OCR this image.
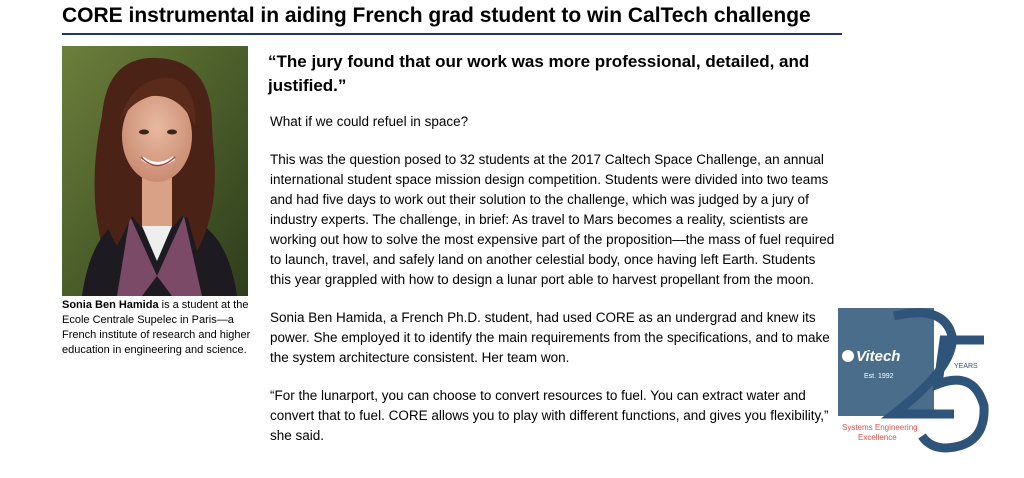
CORE instrumental in aiding French grad student to win CalTech challenge
Sonia Ben Hamida is a student at the Ecole Centrale Supelec in Paris—a French institute of research and higher education in engineering and science.
“The jury found that our work was more professional, detailed, and justified.”

What if we could refuel in space?

This was the question posed to 32 students at the 2017 Caltech Space Challenge, an annual international student space mission design competition. Students were divided into two teams and had five days to work out their solution to the challenge, which was judged by a jury of industry experts. The challenge, in brief: As travel to Mars becomes a reality, scientists are working out how to solve the most expensive part of the proposition—the mass of fuel required to launch, travel, and safely land on another celestial body, once having left Earth. Students this year grappled with how to design a lunar port able to harvest propellant from the moon.

Sonia Ben Hamida, a French Ph.D. student, had used CORE as an undergrad and knew its power. She employed it to identify the main requirements from the specifications, and to make the system architecture consistent. Her team won.

“For the lunarport, you can choose to convert resources to fuel. You can extract water and convert that to fuel. CORE allows you to play with different functions, and gives you flexibility,” she said.

Vitech
Est. 1992
YEARS
Systems Engineering
Excellence
